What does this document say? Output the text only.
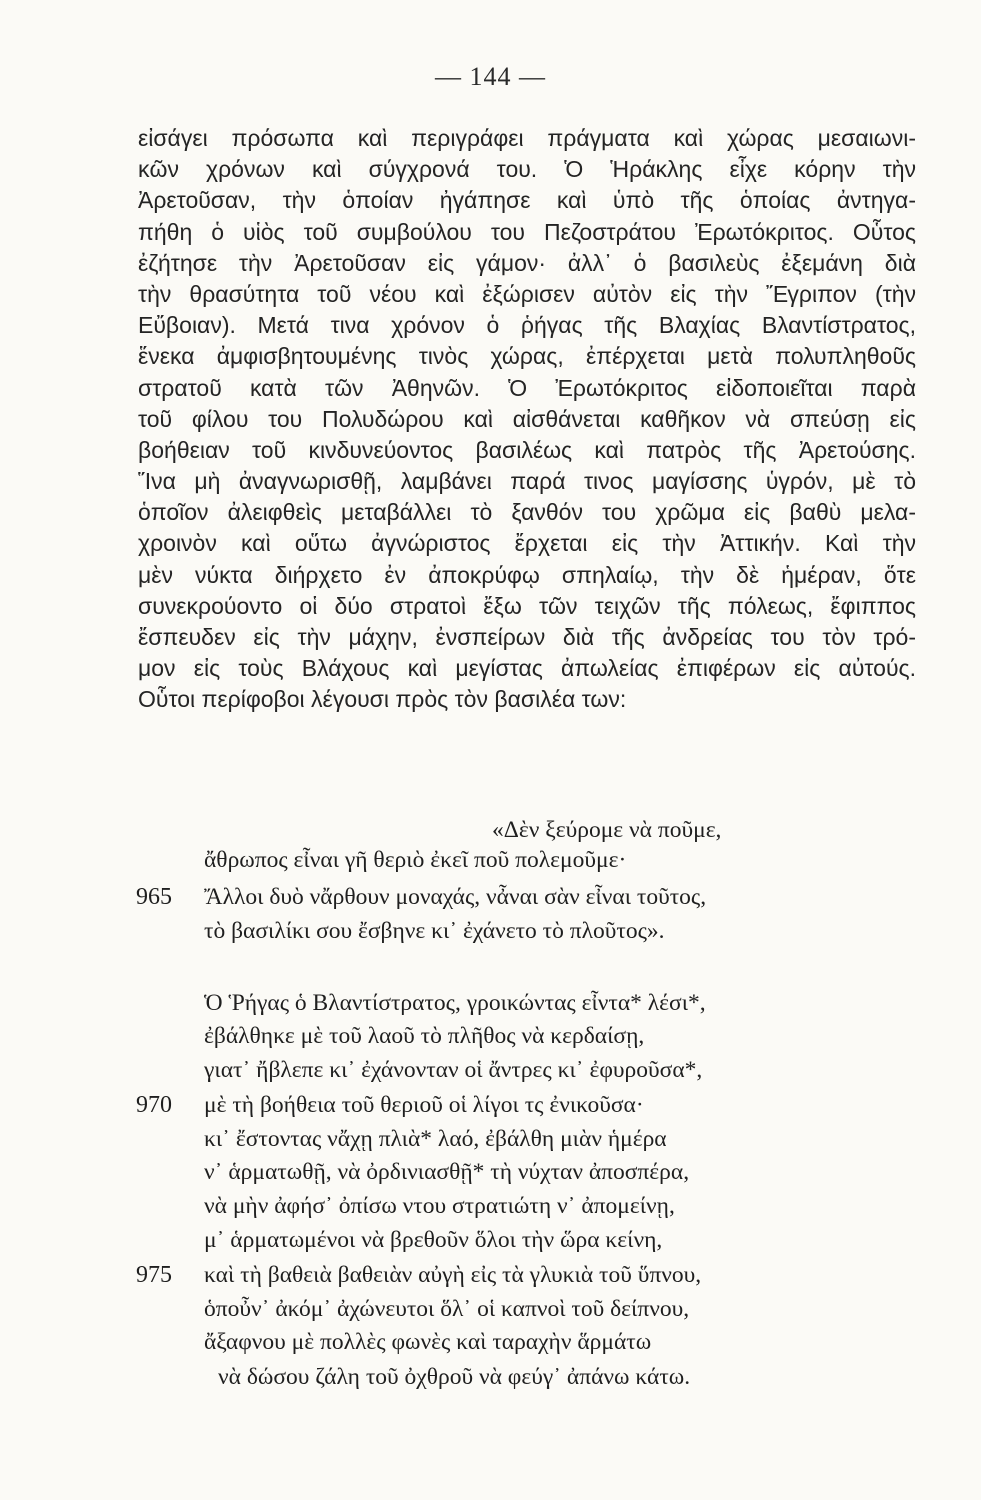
— 144 —
εἰσάγει πρόσωπα καὶ περιγράφει πράγματα καὶ χώρας μεσαιωνι-
κῶν χρόνων καὶ σύγχρονά του. Ὁ Ἡράκλης εἶχε κόρην τὴν
Ἀρετοῦσαν, τὴν ὁποίαν ἠγάπησε καὶ ὑπὸ τῆς ὁποίας ἀντηγα-
πήθη ὁ υἱὸς τοῦ συμβούλου του Πεζοστράτου Ἐρωτόκριτος. Οὗτος
ἐζήτησε τὴν Ἀρετοῦσαν εἰς γάμον· ἀλλ᾽ ὁ βασιλεὺς ἐξεμάνη διὰ
τὴν θρασύτητα τοῦ νέου καὶ ἐξώρισεν αὐτὸν εἰς τὴν Ἔγριπον (τὴν
Εὔβοιαν). Μετά τινα χρόνον ὁ ῥήγας τῆς Βλαχίας Βλαντίστρατος,
ἕνεκα ἀμφισβητουμένης τινὸς χώρας, ἐπέρχεται μετὰ πολυπληθοῦς
στρατοῦ κατὰ τῶν Ἀθηνῶν. Ὁ Ἐρωτόκριτος εἰδοποιεῖται παρὰ
τοῦ φίλου του Πολυδώρου καὶ αἰσθάνεται καθῆκον νὰ σπεύσῃ εἰς
βοήθειαν τοῦ κινδυνεύοντος βασιλέως καὶ πατρὸς τῆς Ἀρετούσης.
Ἵνα μὴ ἀναγνωρισθῇ, λαμβάνει παρά τινος μαγίσσης ὑγρόν, μὲ τὸ
ὁποῖον ἀλειφθεὶς μεταβάλλει τὸ ξανθόν του χρῶμα εἰς βαθὺ μελα-
χροινὸν καὶ οὕτω ἀγνώριστος ἔρχεται εἰς τὴν Ἀττικήν. Καὶ τὴν
μὲν νύκτα διήρχετο ἐν ἀποκρύφῳ σπηλαίῳ, τὴν δὲ ἡμέραν, ὅτε
συνεκρούοντο οἱ δύο στρατοὶ ἔξω τῶν τειχῶν τῆς πόλεως, ἔφιππος
ἔσπευδεν εἰς τὴν μάχην, ἐνσπείρων διὰ τῆς ἀνδρείας του τὸν τρό-
μον εἰς τοὺς Βλάχους καὶ μεγίστας ἀπωλείας ἐπιφέρων εἰς αὐτούς.
Οὗτοι περίφοβοι λέγουσι πρὸς τὸν βασιλέα των:
«Δὲν ξεύρομε νὰ ποῦμε,
ἄθρωπος εἶναι γῆ θεριὸ ἐκεῖ ποῦ πολεμοῦμε·
965	Ἄλλοι δυὸ νἄρθουν μοναχάς, νἆναι σὰν εἶναι τοῦτος,
τὸ βασιλίκι σου ἔσβηνε κι᾽ ἐχάνετο τὸ πλοῦτος».
Ὁ Ῥήγας ὁ Βλαντίστρατος, γροικώντας εἶντα* λέσι*,
ἐβάλθηκε μὲ τοῦ λαοῦ τὸ πλῆθος νὰ κερδαίσῃ,
γιατ᾽ ἤβλεπε κι᾽ ἐχάνονταν οἱ ἄντρες κι᾽ ἐφυροῦσα*,
970	μὲ τὴ βοήθεια τοῦ θεριοῦ οἱ λίγοι τς ἐνικοῦσα·
κι᾽ ἔστοντας νἄχῃ πλιὰ* λαό, ἐβάλθη μιὰν ἡμέρα
ν᾽ ἁρματωθῇ, νὰ ὀρδινιασθῇ* τὴ νύχταν ἀποσπέρα,
νὰ μὴν ἀφήσ᾽ ὀπίσω ντου στρατιώτη ν᾽ ἀπομείνῃ,
μ᾽ ἁρματωμένοι νὰ βρεθοῦν ὅλοι τὴν ὥρα κείνη,
975	καὶ τὴ βαθειὰ βαθειὰν αὐγὴ εἰς τὰ γλυκιὰ τοῦ ὕπνου,
ὁποὖν᾽ ἀκόμ᾽ ἀχώνευτοι ὅλ᾽ οἱ καπνοὶ τοῦ δείπνου,
ἄξαφνου μὲ πολλὲς φωνὲς καὶ ταραχὴν ἅρμάτω
νὰ δώσου ζάλη τοῦ ὀχθροῦ νὰ φεύγ᾽ ἀπάνω κάτω.
